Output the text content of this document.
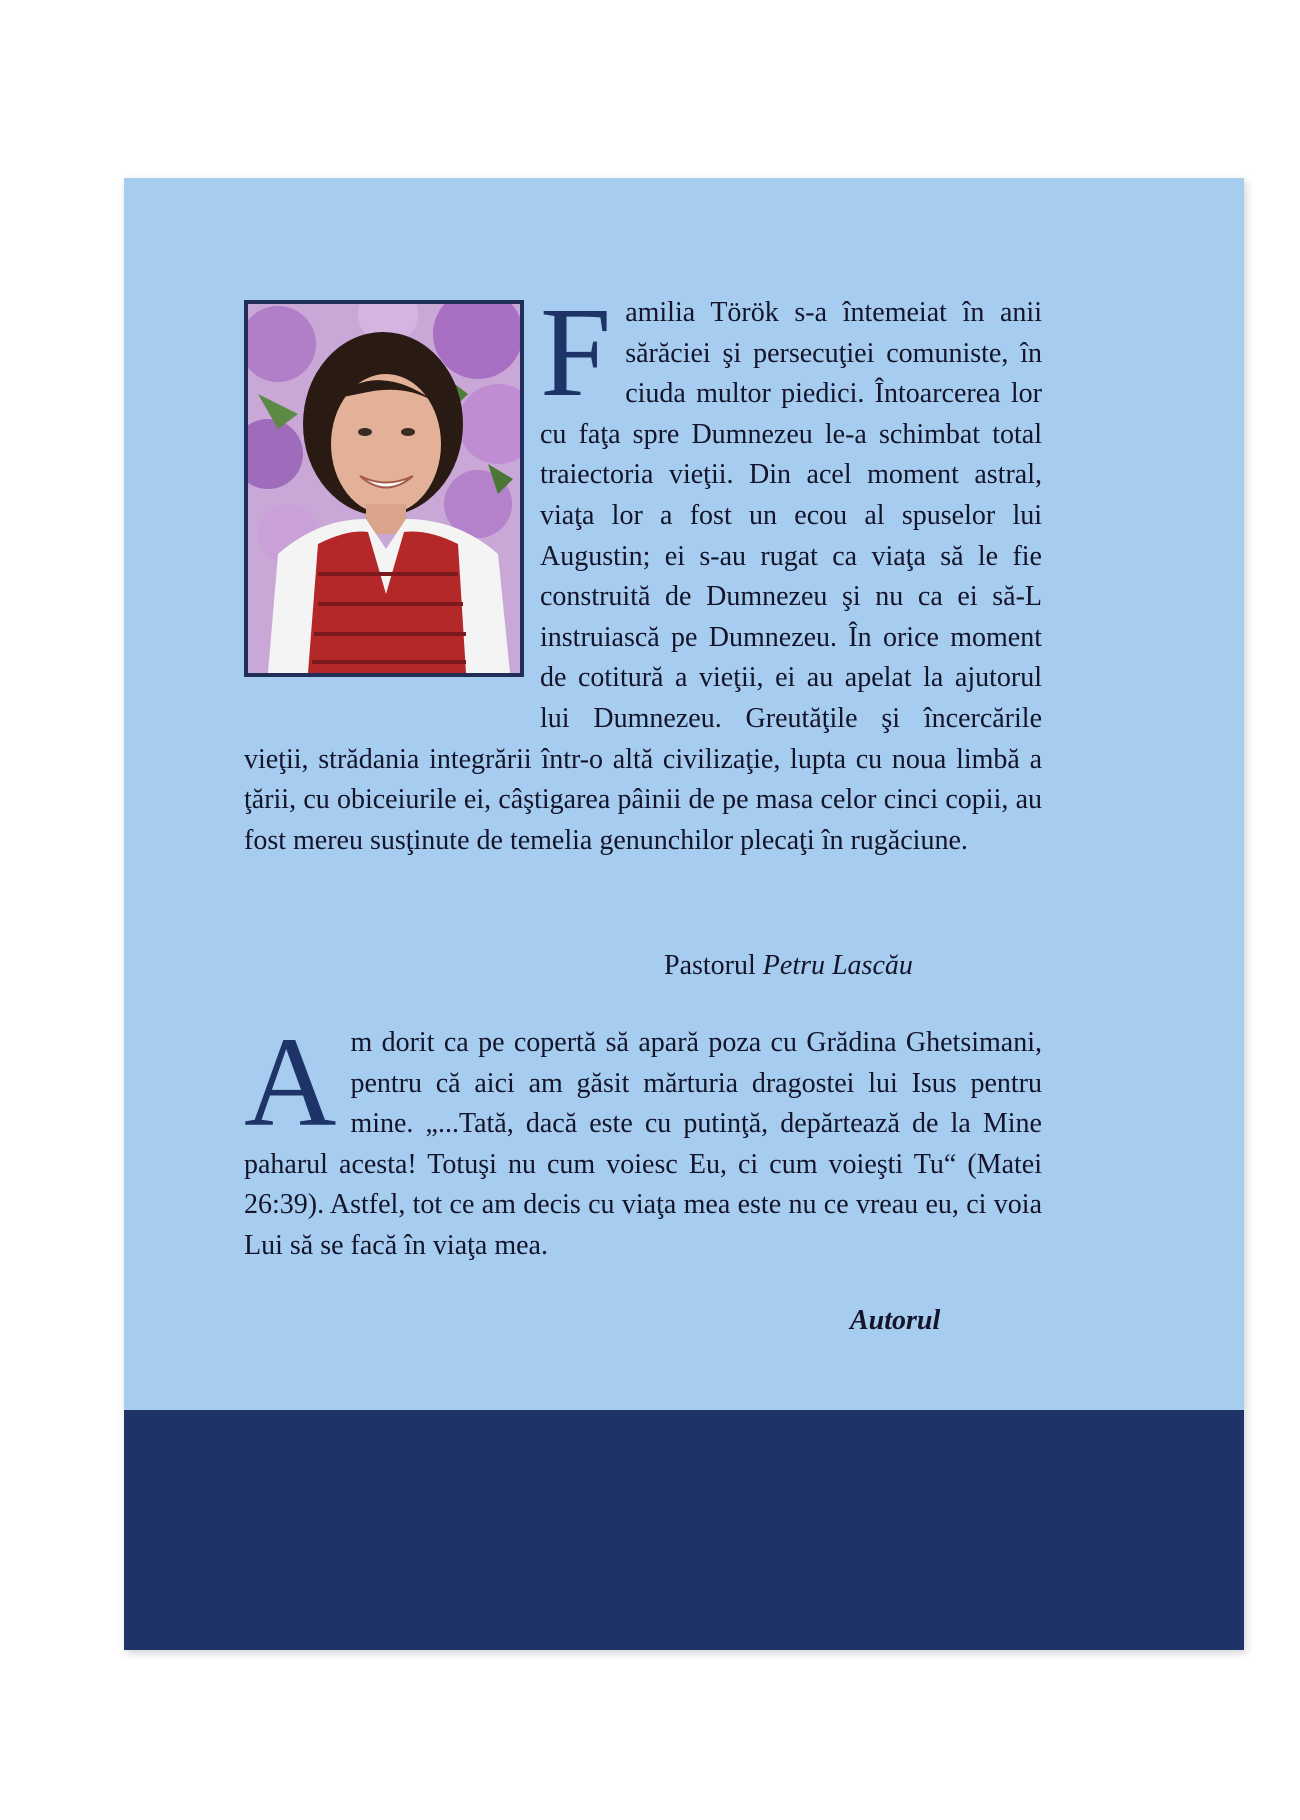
F amilia Török s-a întemeiat în anii sărăciei şi persecuţiei comuniste, în ciuda multor piedici. Întoarcerea lor cu faţa spre Dumnezeu le-a schimbat total traiectoria vieţii. Din acel moment astral, viaţa lor a fost un ecou al spuselor lui Augustin; ei s-au rugat ca viaţa să le fie construită de Dumnezeu şi nu ca ei să-L instruiască pe Dumnezeu. În orice moment de cotitură a vieţii, ei au apelat la ajutorul lui Dumnezeu. Greutăţile şi încercările vieţii, strădania integrării într-o altă civilizaţie, lupta cu noua limbă a ţării, cu obiceiurile ei, câştigarea pâinii de pe masa celor cinci copii, au fost mereu susţinute de temelia genunchilor plecaţi în rugăciune.

Pastorul Petru Lascău

A m dorit ca pe copertă să apară poza cu Grădina Ghetsimani, pentru că aici am găsit mărturia dragostei lui Isus pentru mine. „...Tată, dacă este cu putinţă, depărtează de la Mine paharul acesta! Totuşi nu cum voiesc Eu, ci cum voieşti Tu“ (Matei 26:39). Astfel, tot ce am decis cu viaţa mea este nu ce vreau eu, ci voia Lui să se facă în viaţa mea.

Autorul
